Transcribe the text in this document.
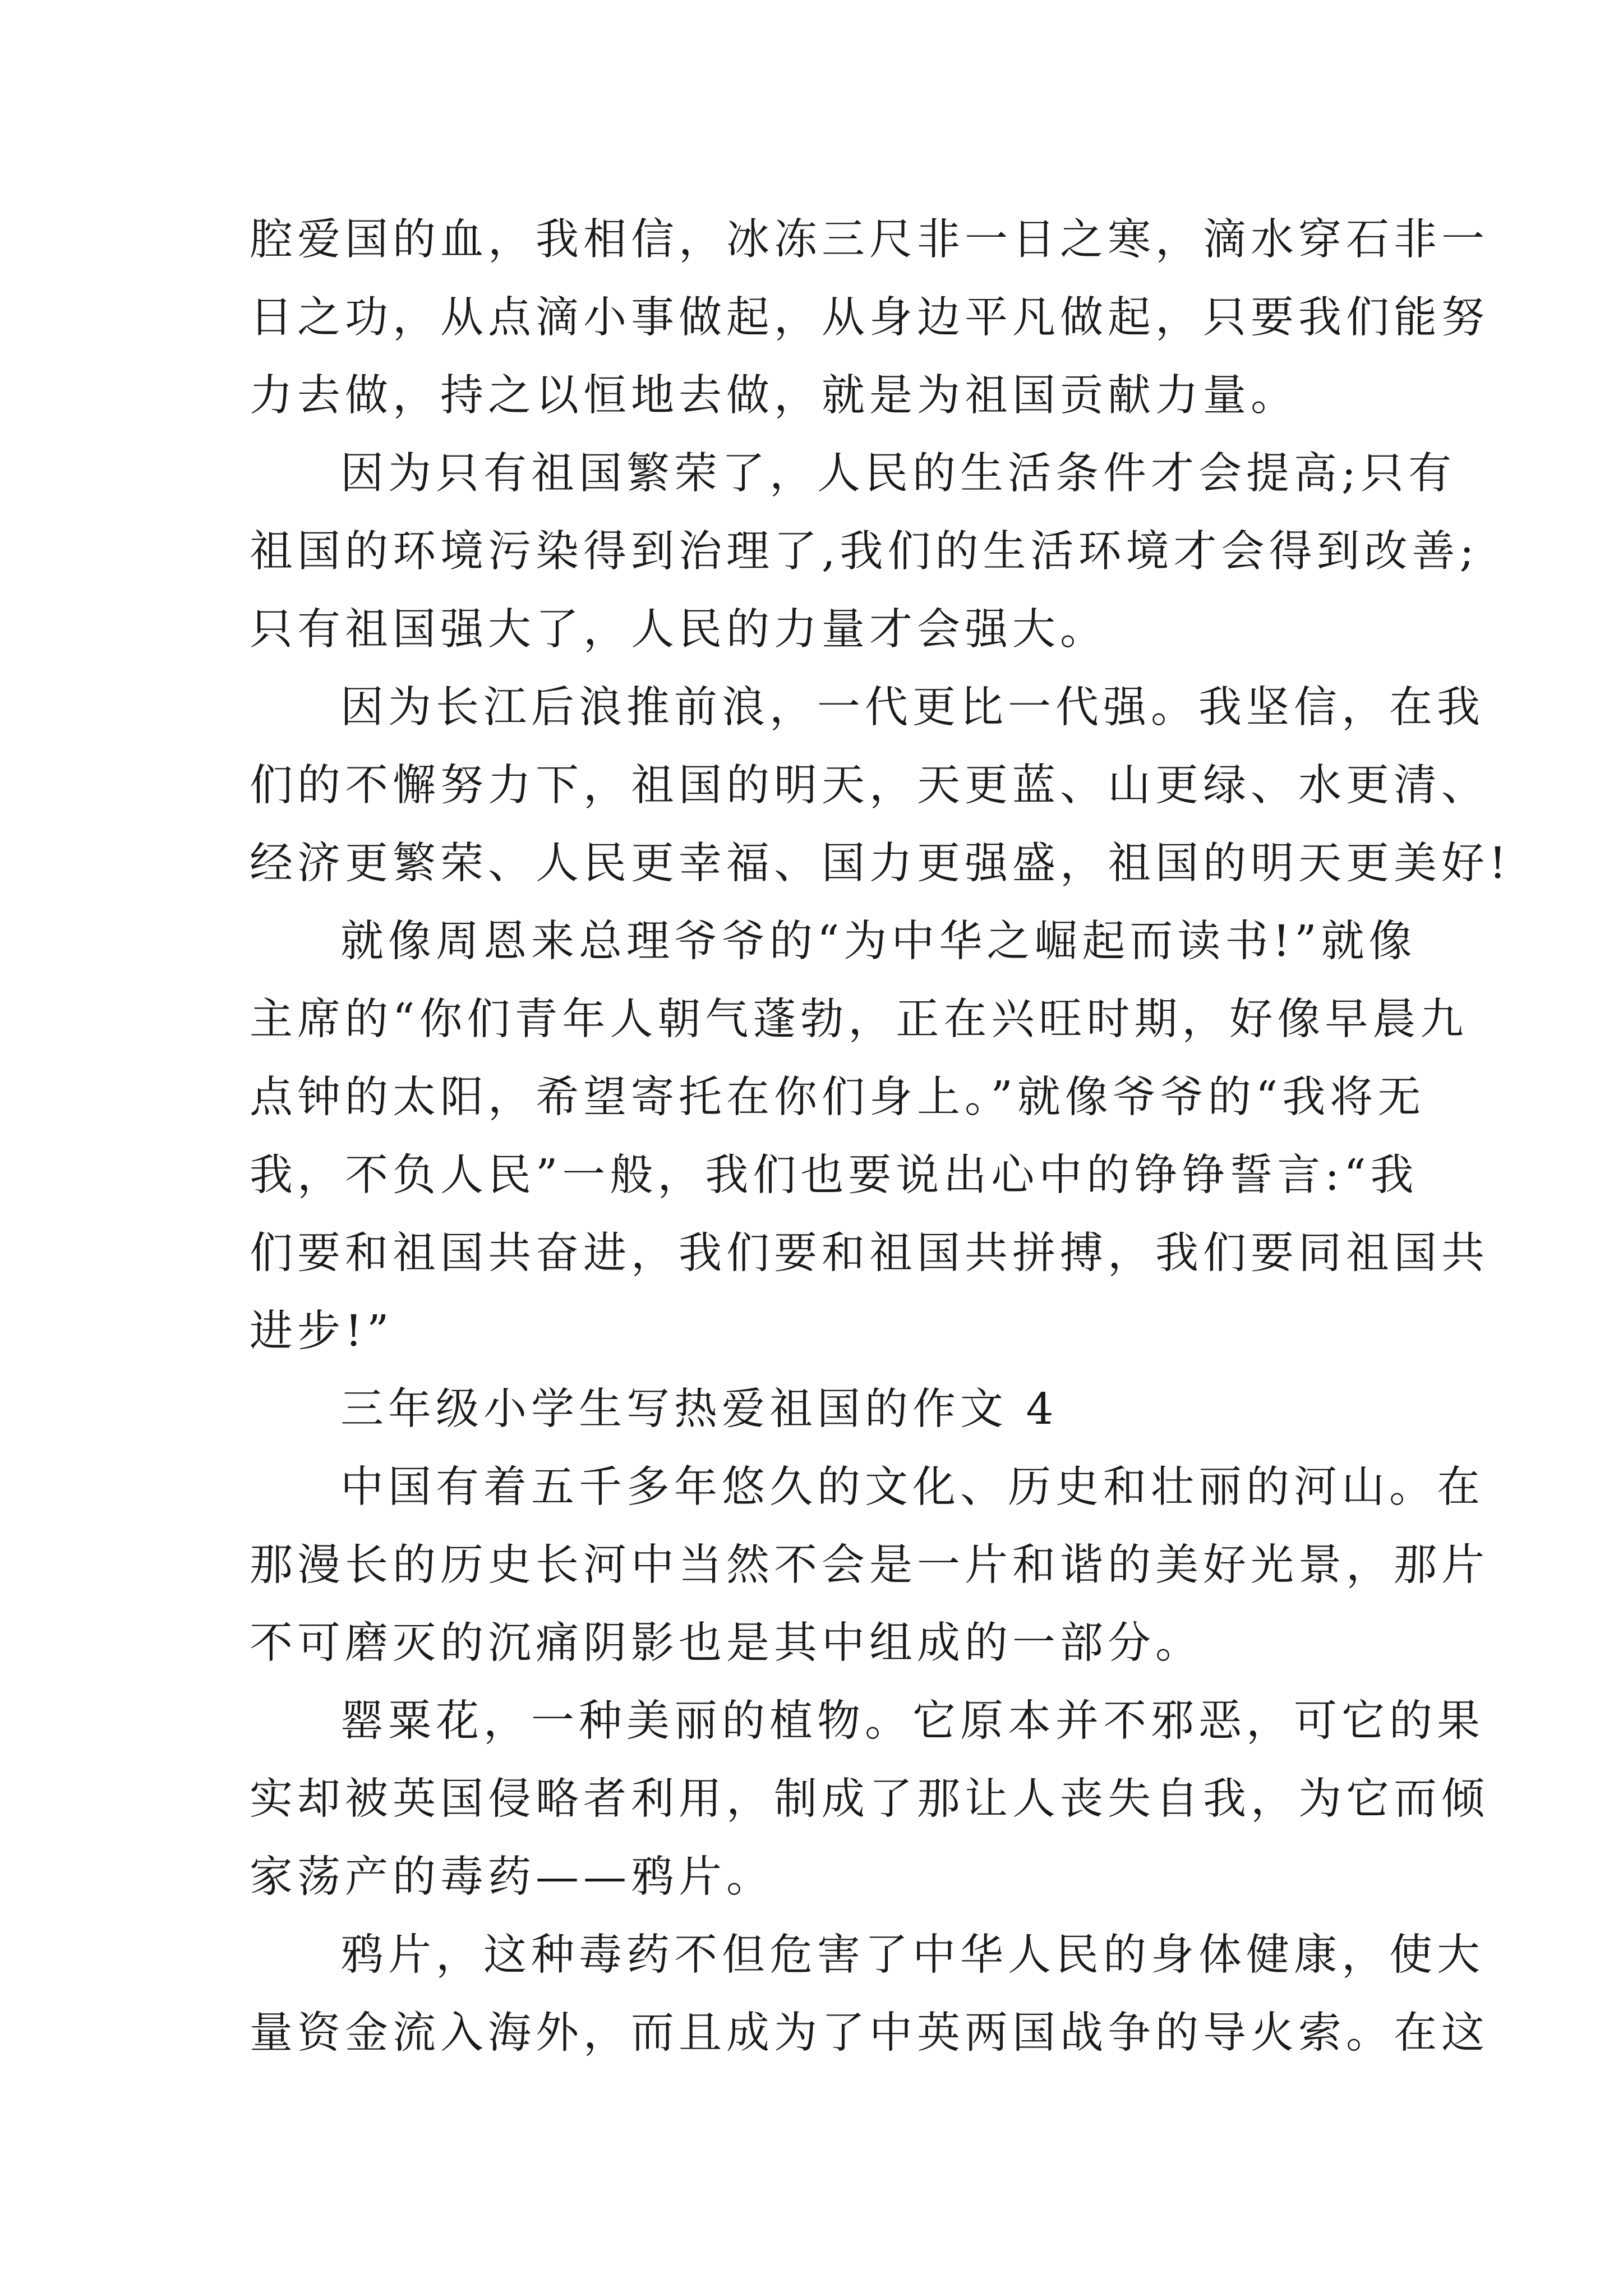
腔爱国的血，我相信，冰冻三尺非一日之寒，滴水穿石非一
日之功，从点滴小事做起，从身边平凡做起，只要我们能努
力去做，持之以恒地去做，就是为祖国贡献力量。
因为只有祖国繁荣了，人民的生活条件才会提高;只有
祖国的环境污染得到治理了,我们的生活环境才会得到改善;
只有祖国强大了，人民的力量才会强大。
因为长江后浪推前浪，一代更比一代强。我坚信，在我
们的不懈努力下，祖国的明天，天更蓝、山更绿、水更清、
经济更繁荣、人民更幸福、国力更强盛，祖国的明天更美好!
就像周恩来总理爷爷的“为中华之崛起而读书!”就像
主席的“你们青年人朝气蓬勃，正在兴旺时期，好像早晨九
点钟的太阳，希望寄托在你们身上。”就像爷爷的“我将无
我，不负人民”一般，我们也要说出心中的铮铮誓言:“我
们要和祖国共奋进，我们要和祖国共拼搏，我们要同祖国共
进步!”
三年级小学生写热爱祖国的作文 4
中国有着五千多年悠久的文化、历史和壮丽的河山。在
那漫长的历史长河中当然不会是一片和谐的美好光景，那片
不可磨灭的沉痛阴影也是其中组成的一部分。
罂粟花，一种美丽的植物。它原本并不邪恶，可它的果
实却被英国侵略者利用，制成了那让人丧失自我，为它而倾
家荡产的毒药——鸦片。
鸦片，这种毒药不但危害了中华人民的身体健康，使大
量资金流入海外，而且成为了中英两国战争的导火索。在这
